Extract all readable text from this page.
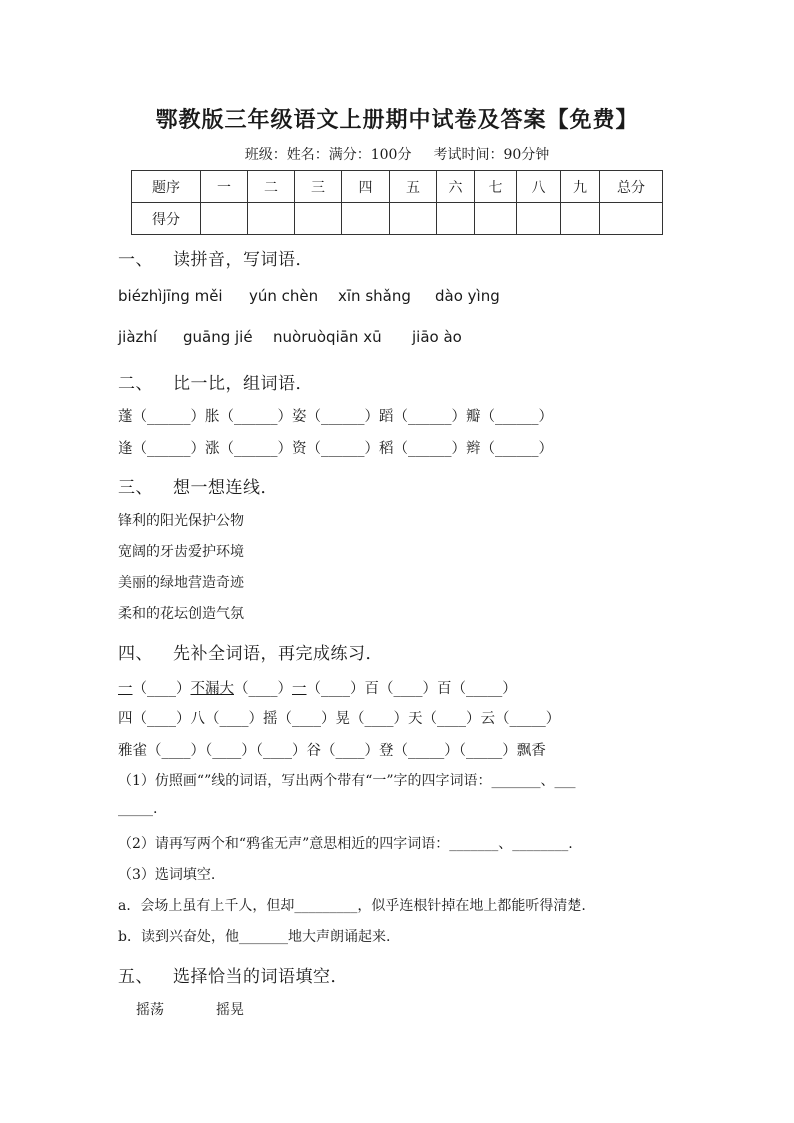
鄂教版三年级语文上册期中试卷及答案【免费】
班级：姓名：满分：100分 考试时间：90分钟
题序	一	二	三	四	五	六	七	八	九	总分
得分										
一、 读拼音，写词语．
biézhìjīng měi yún chèn xīn shǎng dào yìng
jiàzhí guāng jié nuòruòqiān xū jiāo ào
二、 比一比，组词语．
蓬（______）胀（______）姿（______）蹈（______）瓣（______）
逢（______）涨（______）资（______）稻（______）辫（______）
三、 想一想连线．
锋利的阳光保护公物
宽阔的牙齿爱护环境
美丽的绿地营造奇迹
柔和的花坛创造气氛
四、 先补全词语，再完成练习．
一（____）不漏大（____）一（____）百（____）百（_____）
四（____）八（____）摇（____）晃（____）天（____）云（_____）
雅雀（____）（____）（____）谷（____）登（_____）（_____）飘香
（1）仿照画“”线的词语，写出两个带有“一”字的四字词语：_______、___
_____.
（2）请再写两个和“鸦雀无声”意思相近的四字词语：_______、________.
（3）选词填空.
a．会场上虽有上千人，但却_________，似乎连根针掉在地上都能听得清楚.
b．读到兴奋处，他_______地大声朗诵起来.
五、 选择恰当的词语填空．
摇荡	摇晃
